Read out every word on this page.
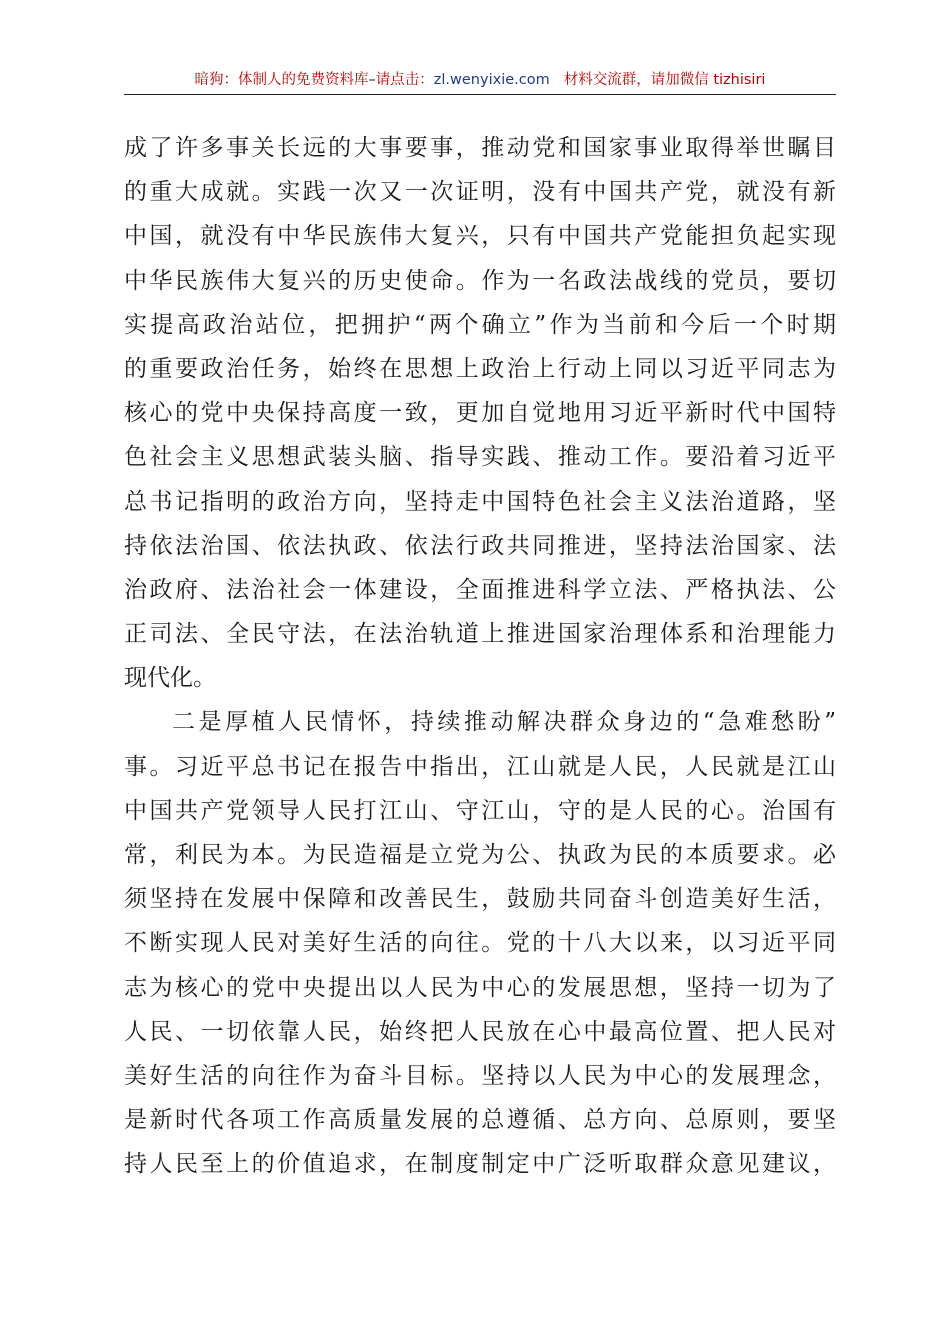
暗狗：体制人的免费资料库–请点击：zl.wenyixie.com 材料交流群，请加微信 tizhisiri
成了许多事关长远的大事要事，推动党和国家事业取得举世瞩目
的重大成就。实践一次又一次证明，没有中国共产党，就没有新
中国，就没有中华民族伟大复兴，只有中国共产党能担负起实现
中华民族伟大复兴的历史使命。作为一名政法战线的党员，要切
实提高政治站位，把拥护“两个确立”作为当前和今后一个时期
的重要政治任务，始终在思想上政治上行动上同以习近平同志为
核心的党中央保持高度一致，更加自觉地用习近平新时代中国特
色社会主义思想武装头脑、指导实践、推动工作。要沿着习近平
总书记指明的政治方向，坚持走中国特色社会主义法治道路，坚
持依法治国、依法执政、依法行政共同推进，坚持法治国家、法
治政府、法治社会一体建设，全面推进科学立法、严格执法、公
正司法、全民守法，在法治轨道上推进国家治理体系和治理能力
现代化。
二是厚植人民情怀，持续推动解决群众身边的“急难愁盼”
事。习近平总书记在报告中指出，江山就是人民，人民就是江山
中国共产党领导人民打江山、守江山，守的是人民的心。治国有
常，利民为本。为民造福是立党为公、执政为民的本质要求。必
须坚持在发展中保障和改善民生，鼓励共同奋斗创造美好生活，
不断实现人民对美好生活的向往。党的十八大以来，以习近平同
志为核心的党中央提出以人民为中心的发展思想，坚持一切为了
人民、一切依靠人民，始终把人民放在心中最高位置、把人民对
美好生活的向往作为奋斗目标。坚持以人民为中心的发展理念，
是新时代各项工作高质量发展的总遵循、总方向、总原则，要坚
持人民至上的价值追求，在制度制定中广泛听取群众意见建议，
